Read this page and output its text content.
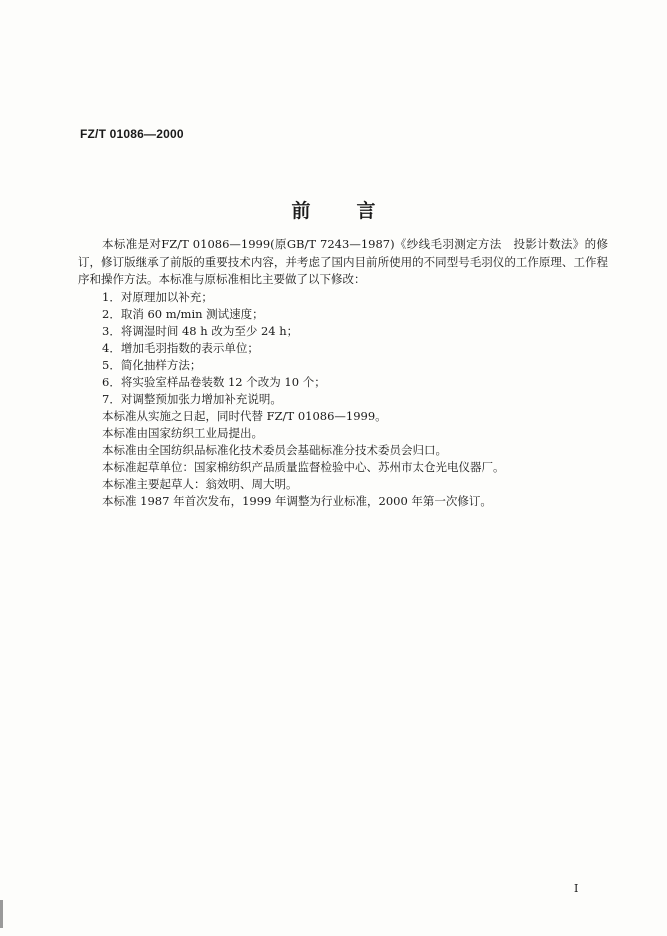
FZ/T 01086—2000
前言

本标准是对FZ/T 01086—1999(原GB/T 7243—1987)《纱线毛羽测定方法　投影计数法》的修订，修订版继承了前版的重要技术内容，并考虑了国内目前所使用的不同型号毛羽仪的工作原理、工作程序和操作方法。本标准与原标准相比主要做了以下修改：

1．对原理加以补充；

2．取消 60 m/min 测试速度；

3．将调湿时间 48 h 改为至少 24 h；

4．增加毛羽指数的表示单位；

5．简化抽样方法；

6．将实验室样品卷装数 12 个改为 10 个；

7．对调整预加张力增加补充说明。

本标准从实施之日起，同时代替 FZ/T 01086—1999。

本标准由国家纺织工业局提出。

本标准由全国纺织品标准化技术委员会基础标准分技术委员会归口。

本标准起草单位：国家棉纺织产品质量监督检验中心、苏州市太仓光电仪器厂。

本标准主要起草人：翁效明、周大明。

本标准 1987 年首次发布，1999 年调整为行业标准，2000 年第一次修订。

I
